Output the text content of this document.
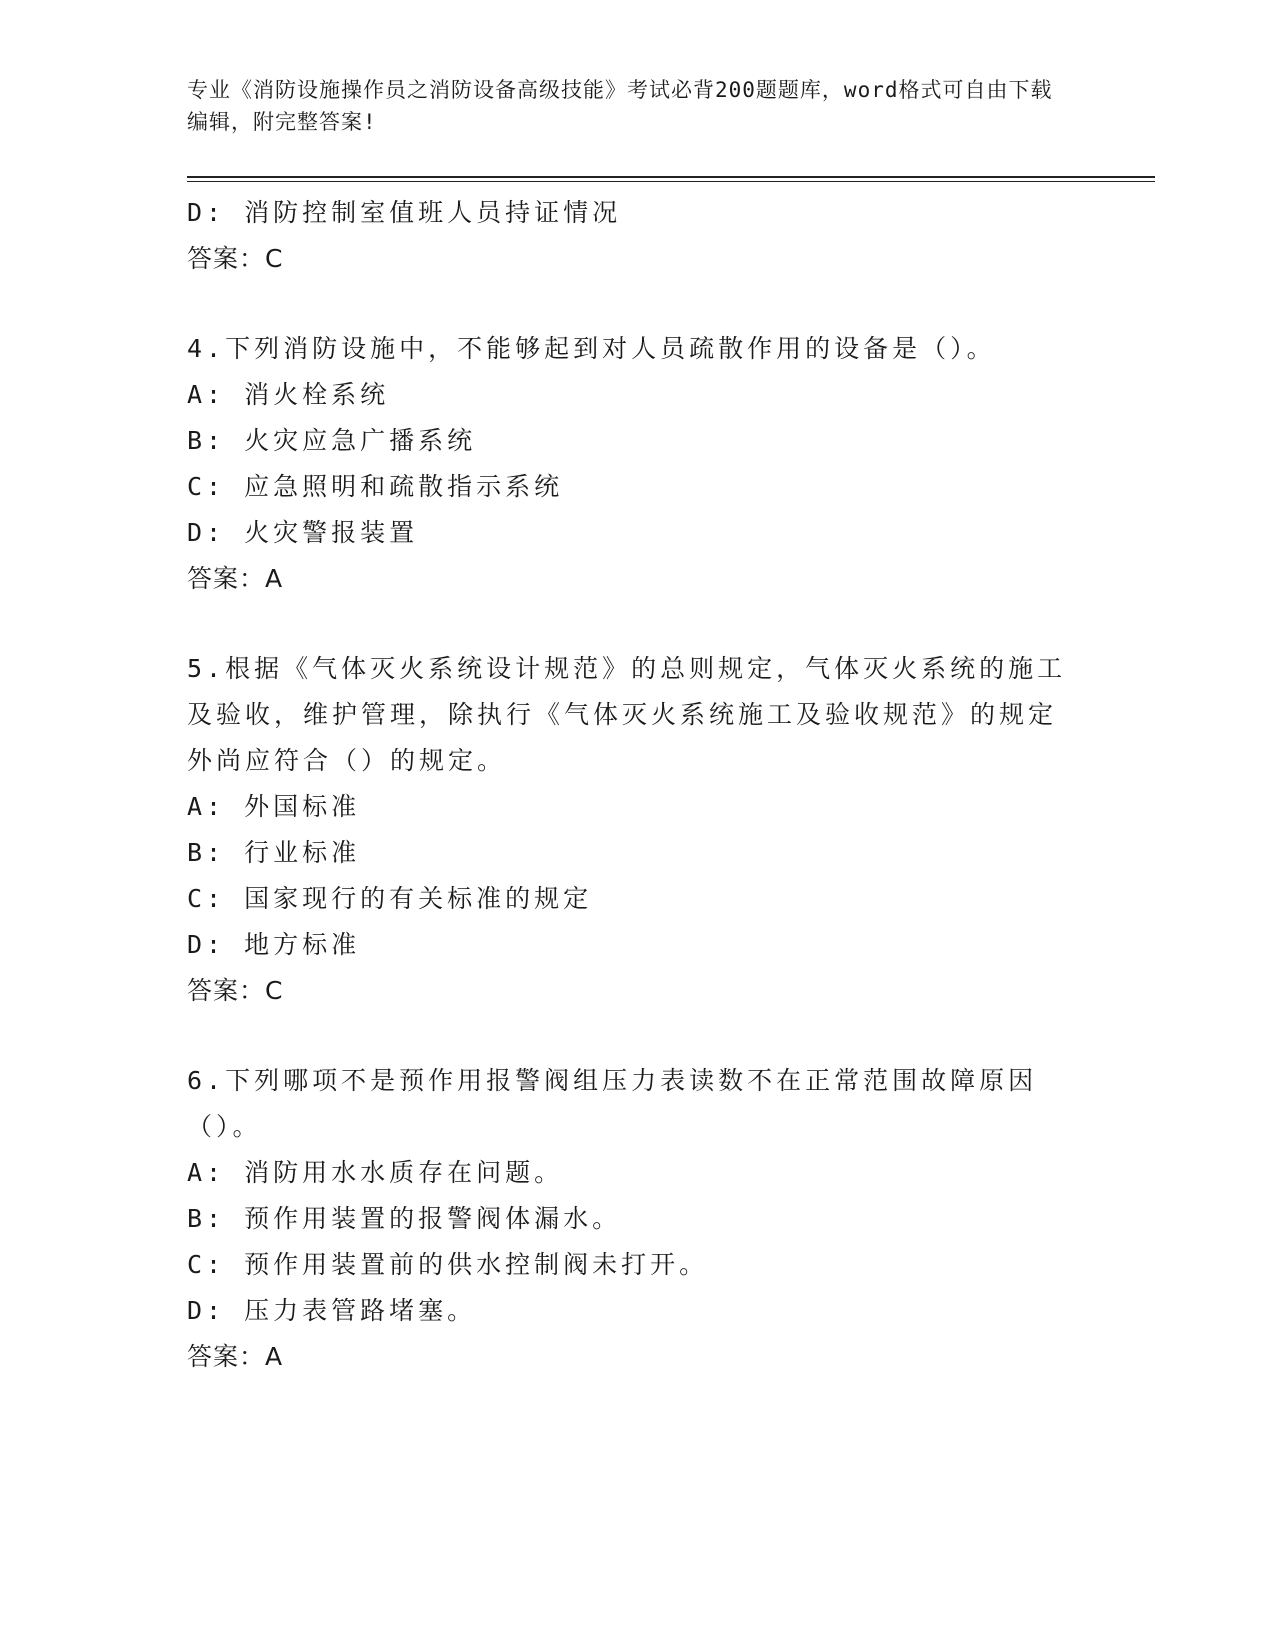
专业《消防设施操作员之消防设备高级技能》考试必背200题题库，word格式可自由下载编辑，附完整答案!
D: 消防控制室值班人员持证情况
答案：C
4.下列消防设施中，不能够起到对人员疏散作用的设备是（）。
A: 消火栓系统
B: 火灾应急广播系统
C: 应急照明和疏散指示系统
D: 火灾警报装置
答案：A
5.根据《气体灭火系统设计规范》的总则规定，气体灭火系统的施工及验收，维护管理，除执行《气体灭火系统施工及验收规范》的规定外尚应符合（）的规定。
A: 外国标准
B: 行业标准
C: 国家现行的有关标准的规定
D: 地方标准
答案：C
6.下列哪项不是预作用报警阀组压力表读数不在正常范围故障原因（）。
A: 消防用水水质存在问题。
B: 预作用装置的报警阀体漏水。
C: 预作用装置前的供水控制阀未打开。
D: 压力表管路堵塞。
答案：A
